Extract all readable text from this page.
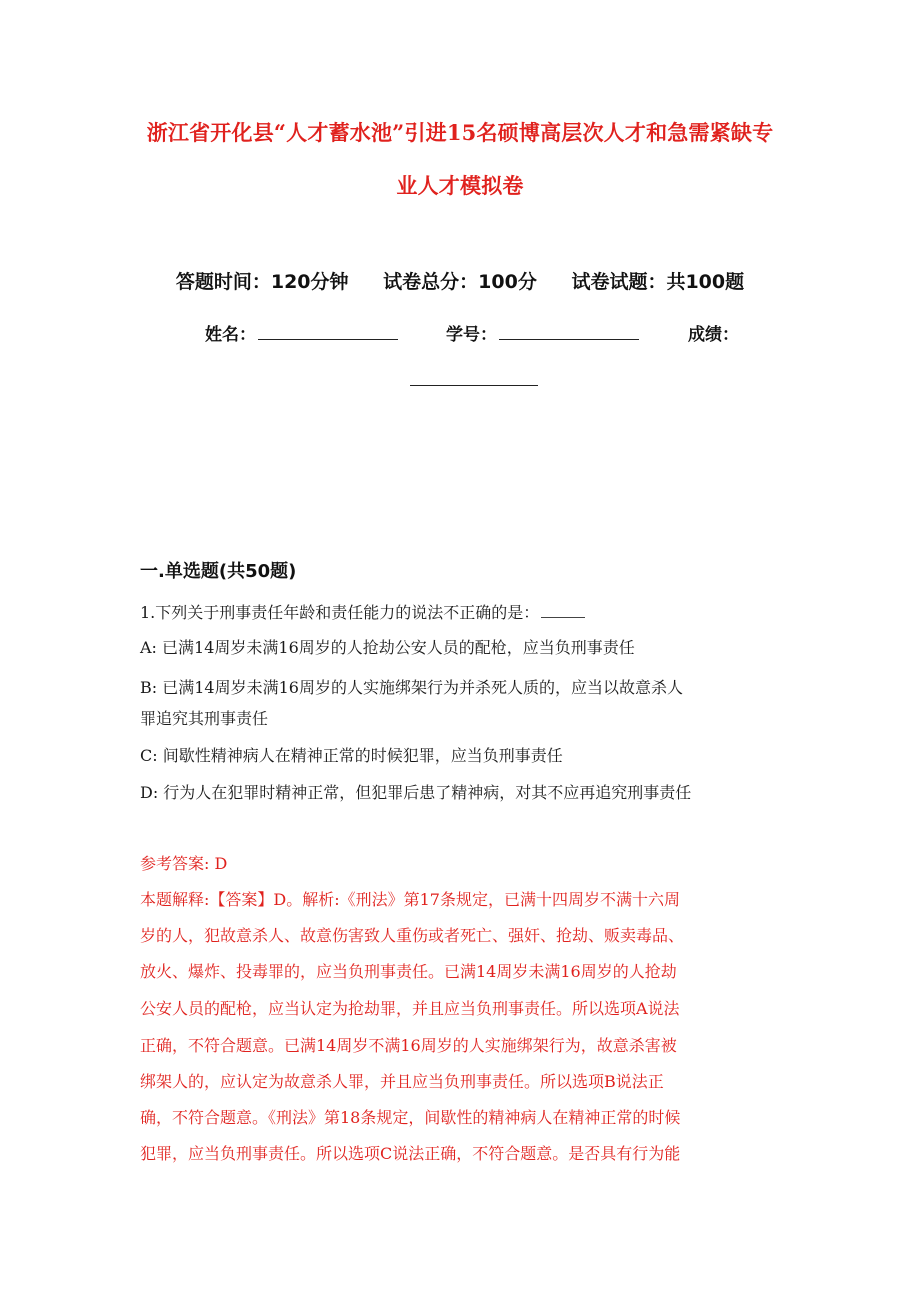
浙江省开化县“人才蓄水池”引进15名硕博高层次人才和急需紧缺专
业人才模拟卷
答题时间：120分钟 试卷总分：100分 试卷试题：共100题
姓名：	学号：	成绩：
一.单选题(共50题)
1.下列关于刑事责任年龄和责任能力的说法不正确的是：
A: 已满14周岁未满16周岁的人抢劫公安人员的配枪，应当负刑事责任
B: 已满14周岁未满16周岁的人实施绑架行为并杀死人质的，应当以故意杀人
罪追究其刑事责任
C: 间歇性精神病人在精神正常的时候犯罪，应当负刑事责任
D: 行为人在犯罪时精神正常，但犯罪后患了精神病，对其不应再追究刑事责任
参考答案: D
本题解释:【答案】D。解析:《刑法》第17条规定，已满十四周岁不满十六周
岁的人，犯故意杀人、故意伤害致人重伤或者死亡、强奸、抢劫、贩卖毒品、
放火、爆炸、投毒罪的，应当负刑事责任。已满14周岁未满16周岁的人抢劫
公安人员的配枪，应当认定为抢劫罪，并且应当负刑事责任。所以选项A说法
正确，不符合题意。已满14周岁不满16周岁的人实施绑架行为，故意杀害被
绑架人的，应认定为故意杀人罪，并且应当负刑事责任。所以选项B说法正
确，不符合题意。《刑法》第18条规定，间歇性的精神病人在精神正常的时候
犯罪，应当负刑事责任。所以选项C说法正确，不符合题意。是否具有行为能
